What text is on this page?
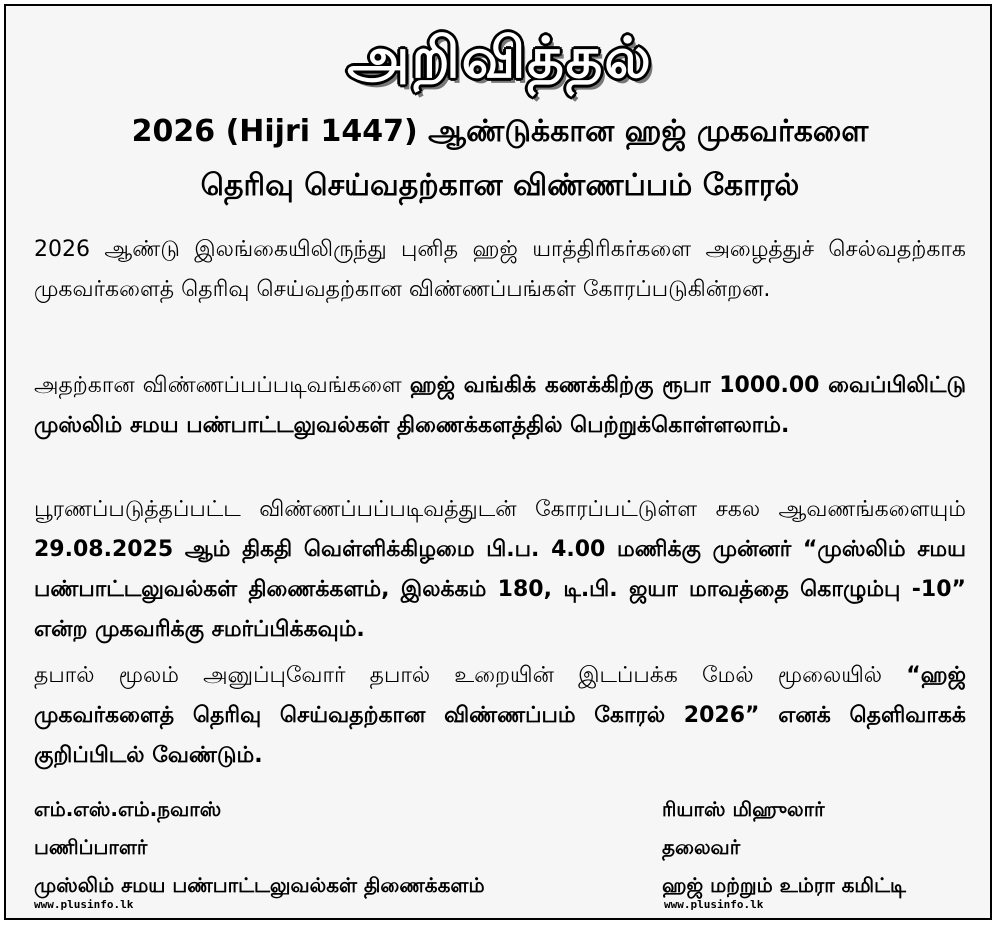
அறிவித்தல்
2026 (Hijri 1447) ஆண்டுக்கான ஹஜ் முகவர்களை
தெரிவு செய்வதற்கான விண்ணப்பம் கோரல்
2026 ஆண்டு இலங்கையிலிருந்து புனித ஹஜ் யாத்திரிகர்களை அழைத்துச் செல்வதற்காக முகவர்களைத் தெரிவு செய்வதற்கான விண்ணப்பங்கள் கோரப்படுகின்றன.
அதற்கான விண்ணப்பப்படிவங்களை ஹஜ் வங்கிக் கணக்கிற்கு ரூபா 1000.00 வைப்பிலிட்டு முஸ்லிம் சமய பண்பாட்டலுவல்கள் திணைக்களத்தில் பெற்றுக்கொள்ளலாம்.
பூரணப்படுத்தப்பட்ட விண்ணப்பப்படிவத்துடன் கோரப்பட்டுள்ள சகல ஆவணங்களையும் 29.08.2025 ஆம் திகதி வெள்ளிக்கிழமை பி.ப. 4.00 மணிக்கு முன்னர் “முஸ்லிம் சமய பண்பாட்டலுவல்கள் திணைக்களம், இலக்கம் 180, டி.பி. ஜயா மாவத்தை கொழும்பு -10” என்ற முகவரிக்கு சமர்ப்பிக்கவும்.
தபால் மூலம் அனுப்புவோர் தபால் உறையின் இடப்பக்க மேல் மூலையில் “ஹஜ் முகவர்களைத் தெரிவு செய்வதற்கான விண்ணப்பம் கோரல் 2026” எனக் தெளிவாகக் குறிப்பிடல் வேண்டும்.
எம்.எஸ்.எம்.நவாஸ்
பணிப்பாளர்
முஸ்லிம் சமய பண்பாட்டலுவல்கள் திணைக்களம்
ரியாஸ் மிஹுலார்
தலைவர்
ஹஜ் மற்றும் உம்ரா கமிட்டி
www.plusinfo.lk	www.plusinfo.lk
